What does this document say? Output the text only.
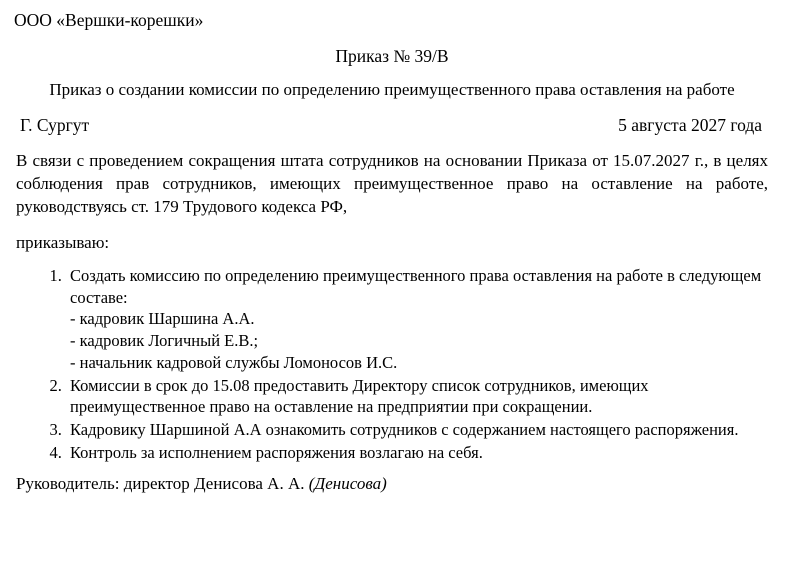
ООО «Вершки-корешки»
Приказ № 39/В
Приказ о создании комиссии по определению преимущественного права оставления на работе
Г. Сургут	5 августа 2027 года
В связи с проведением сокращения штата сотрудников на основании Приказа от 15.07.2027 г., в целях соблюдения прав сотрудников, имеющих преимущественное право на оставление на работе, руководствуясь ст. 179 Трудового кодекса РФ,
приказываю:
1. Создать комиссию по определению преимущественного права оставления на работе в следующем составе:
- кадровик Шаршина А.А.
- кадровик Логичный Е.В.;
- начальник кадровой службы Ломоносов И.С.
2. Комиссии в срок до 15.08 предоставить Директору список сотрудников, имеющих преимущественное право на оставление на предприятии при сокращении.
3. Кадровику Шаршиной А.А ознакомить сотрудников с содержанием настоящего распоряжения.
4. Контроль за исполнением распоряжения возлагаю на себя.
Руководитель: директор Денисова А. А. (Денисова)
